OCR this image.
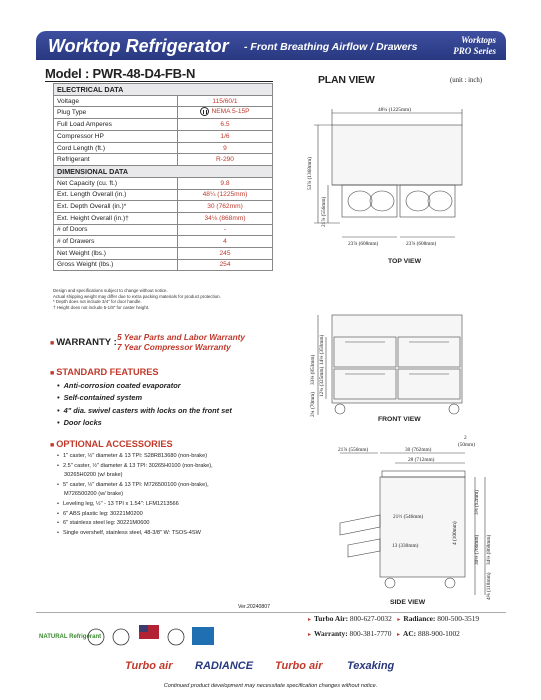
Worktop Refrigerator - Front Breathing Airflow / Drawers
Worktops
PRO Series
Model : PWR-48-D4-FB-N
ELECTRICAL DATA	
Voltage	115/60/1
Plug Type	NEMA 5-15P

Full Load Amperes	6.5
Compressor HP	1/6
Cord Length (ft.)	9
Refrigerant	R-290
DIMENSIONAL DATA	
Net Capacity (cu. ft.)	9.8
Ext. Length Overall (in.)	48¼ (1225mm)
Ext. Depth Overall (in.)*	30 (762mm)
Ext. Height Overall (in.)†	34⅛ (868mm)
# of Doors	-
# of Drawers	4
Net Weight (lbs.)	245
Gross Weight (lbs.)	254
Design and specifications subject to change without notice.
Actual shipping weight may differ due to extra packing materials for product protection.
* Depth does not include 3/4" for door handle.
† Height does not include 5-1/8" for caster height.
■ WARRANTY : 5 Year Parts and Labor Warranty
7 Year Compressor Warranty
■ STANDARD FEATURES
• Anti-corrosion coated evaporator
• Self-contained system
• 4" dia. swivel casters with locks on the front set
• Door locks
■ OPTIONAL ACCESSORIES
• 1" caster, ½" diameter & 13 TPI: S28R813680 (non-brake)
• 2.5" caster, ½" diameter & 13 TPI: 30265H0100 (non-brake),
30265H0200 (w/ brake)
• 5" caster, ½" diameter & 13 TPI: M726500100 (non-brake),
M726500200 (w/ brake)
• Leveling leg, ½" - 13 TPI x 1.54": LFM1213566
• 6" ABS plastic leg: 30221M0200
• 6" stainless steel leg: 30221M0600
• Single overshelf, stainless steel, 48-3/8" W: TSOS-4SW
PLAN VIEW	(unit : inch)
48¼ (1225mm)
53⅞ (1368mm)
21⅞ (556mm)
23⅞ (608mm)	23⅞ (608mm)
33⅜ (853mm)
14⅛ (359mm)
12¾ (325mm)
2¾ (70mm)
2
(50mm)
30 (762mm)
28 (712mm)
21⅞ (556mm)
21½ (546mm)
13 (330mm)
4 (100mm)
30⅛ (766mm) 34⅛ (868mm)
3⅝ (92mm)
4⅝ (118mm)
TOP VIEW
FRONT VIEW
SIDE VIEW
Ver.20240807
NATURAL Refrigerant
▸ Turbo Air: 800-627-0032 ▸ Radiance: 800-500-3519
▸ Warranty: 800-381-7770 ▸ AC: 888-900-1002
Turbo air RADIANCE Turbo air Texaking
Continued product development may necessitate specification changes without notice.
